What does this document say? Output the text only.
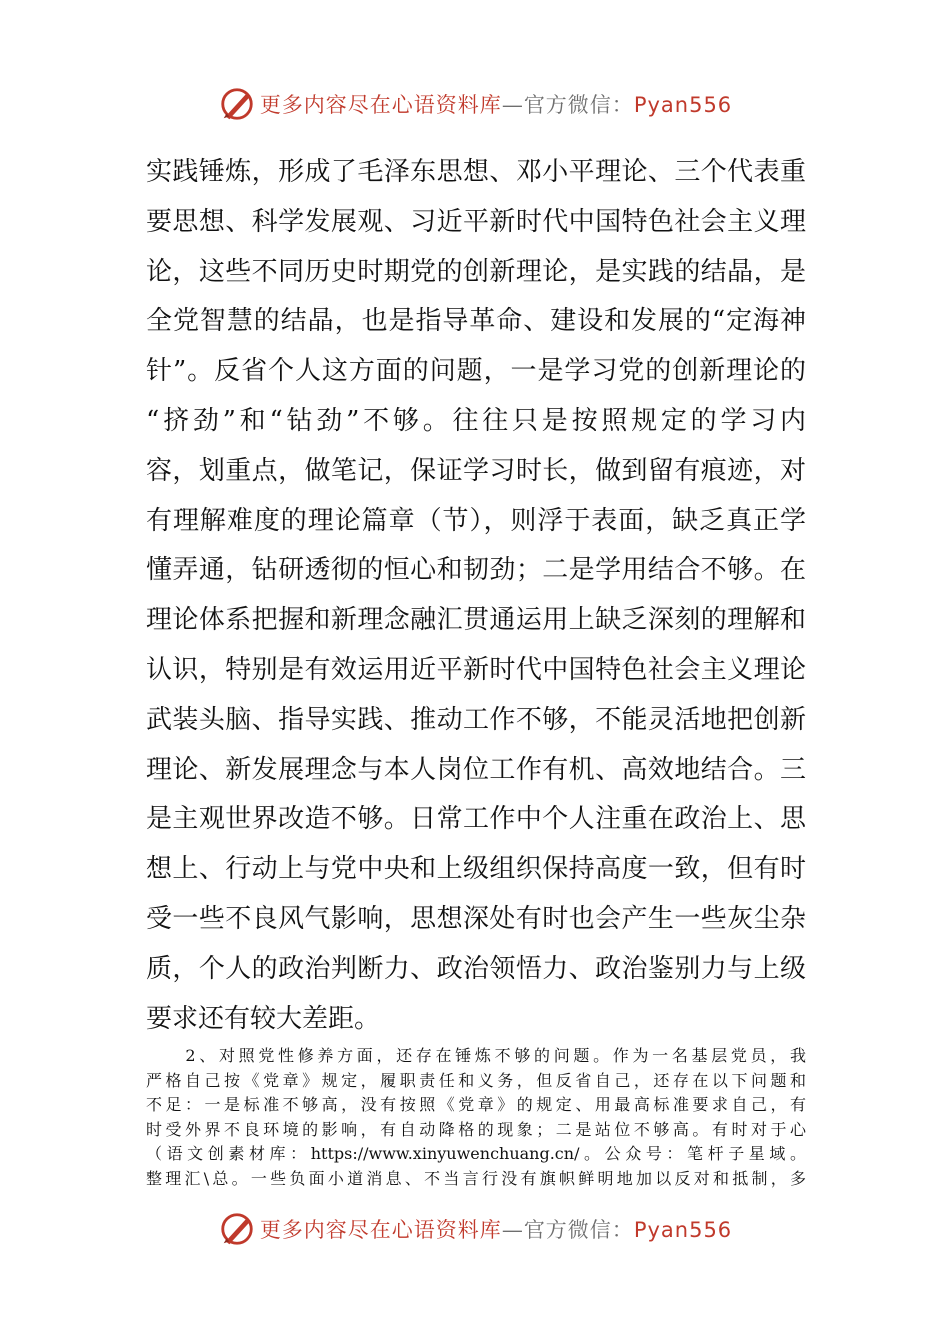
更多内容尽在心语资料库—官方微信：Pyan556
实践锤炼，形成了毛泽东思想、邓小平理论、三个代表重
要思想、科学发展观、习近平新时代中国特色社会主义理
论，这些不同历史时期党的创新理论，是实践的结晶，是
全党智慧的结晶，也是指导革命、建设和发展的“定海神
针”。反省个人这方面的问题，一是学习党的创新理论的
“挤劲”和“钻劲”不够。往往只是按照规定的学习内
容，划重点，做笔记，保证学习时长，做到留有痕迹，对
有理解难度的理论篇章（节），则浮于表面，缺乏真正学
懂弄通，钻研透彻的恒心和韧劲；二是学用结合不够。在
理论体系把握和新理念融汇贯通运用上缺乏深刻的理解和
认识，特别是有效运用近平新时代中国特色社会主义理论
武装头脑、指导实践、推动工作不够，不能灵活地把创新
理论、新发展理念与本人岗位工作有机、高效地结合。三
是主观世界改造不够。日常工作中个人注重在政治上、思
想上、行动上与党中央和上级组织保持高度一致，但有时
受一些不良风气影响，思想深处有时也会产生一些灰尘杂
质，个人的政治判断力、政治领悟力、政治鉴别力与上级
要求还有较大差距。
　　2、对照党性修养方面，还存在锤炼不够的问题。作为一名基层党员，我
严格自己按《党章》规定，履职责任和义务，但反省自己，还存在以下问题和
不足：一是标准不够高，没有按照《党章》的规定、用最高标准要求自己，有
时受外界不良环境的影响，有自动降格的现象；二是站位不够高。有时对于心
（语文创素材库：https://www.xinyuwenchuang.cn/。公众号：笔杆子星域。
整理汇\总。一些负面小道消息、不当言行没有旗帜鲜明地加以反对和抵制，多
更多内容尽在心语资料库—官方微信：Pyan556
